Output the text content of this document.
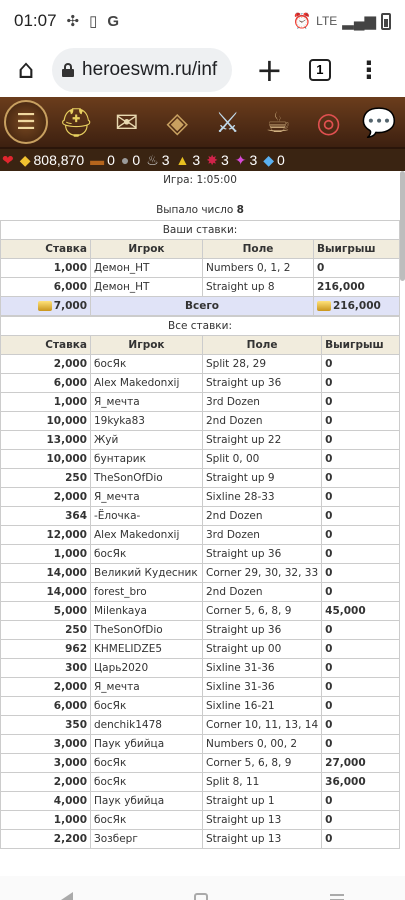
01:07 ✣ ▯ G	⏰ LTE ▂▄▆
⌂	heroeswm.ru/inf +	1	⋮
☰ ⛑ ✉ ◈ ⚔ ☕ ◎ 💬
❤ ◆ 808,870 ▬ 0 ● 0 ♨ 3 ▲ 3 ✸ 3 ✦ 3 ◆ 0
Игра: 1:05:00
Выпало число 8
Ваши ставки:			
Ставка	Игрок	Поле	Выигрыш
1,000	Демон_НТ	Numbers 0, 1, 2	0
6,000	Демон_НТ	Straight up 8	216,000
7,000	Всего		216,000
Все ставки:			
Ставка	Игрок	Поле	Выигрыш
2,000	босЯк	Split 28, 29	0
6,000	Alex Makedonxij	Straight up 36	0
1,000	Я_мечта	3rd Dozen	0
10,000	19kyka83	2nd Dozen	0
13,000	Жуй	Straight up 22	0
10,000	бунтарик	Split 0, 00	0
250	TheSonOfDio	Straight up 9	0
2,000	Я_мечта	Sixline 28-33	0
364	-Ёлочка-	2nd Dozen	0
12,000	Alex Makedonxij	3rd Dozen	0
1,000	босЯк	Straight up 36	0
14,000	Великий Кудесник	Corner 29, 30, 32, 33	0
14,000	forest_bro	2nd Dozen	0
5,000	Milenkaya	Corner 5, 6, 8, 9	45,000
250	TheSonOfDio	Straight up 36	0
962	KHMELIDZE5	Straight up 00	0
300	Царь2020	Sixline 31-36	0
2,000	Я_мечта	Sixline 31-36	0
6,000	босЯк	Sixline 16-21	0
350	denchik1478	Corner 10, 11, 13, 14	0
3,000	Паук убийца	Numbers 0, 00, 2	0
3,000	босЯк	Corner 5, 6, 8, 9	27,000
2,000	босЯк	Split 8, 11	36,000
4,000	Паук убийца	Straight up 1	0
1,000	босЯк	Straight up 13	0
2,200	Зозберг	Straight up 13	0
